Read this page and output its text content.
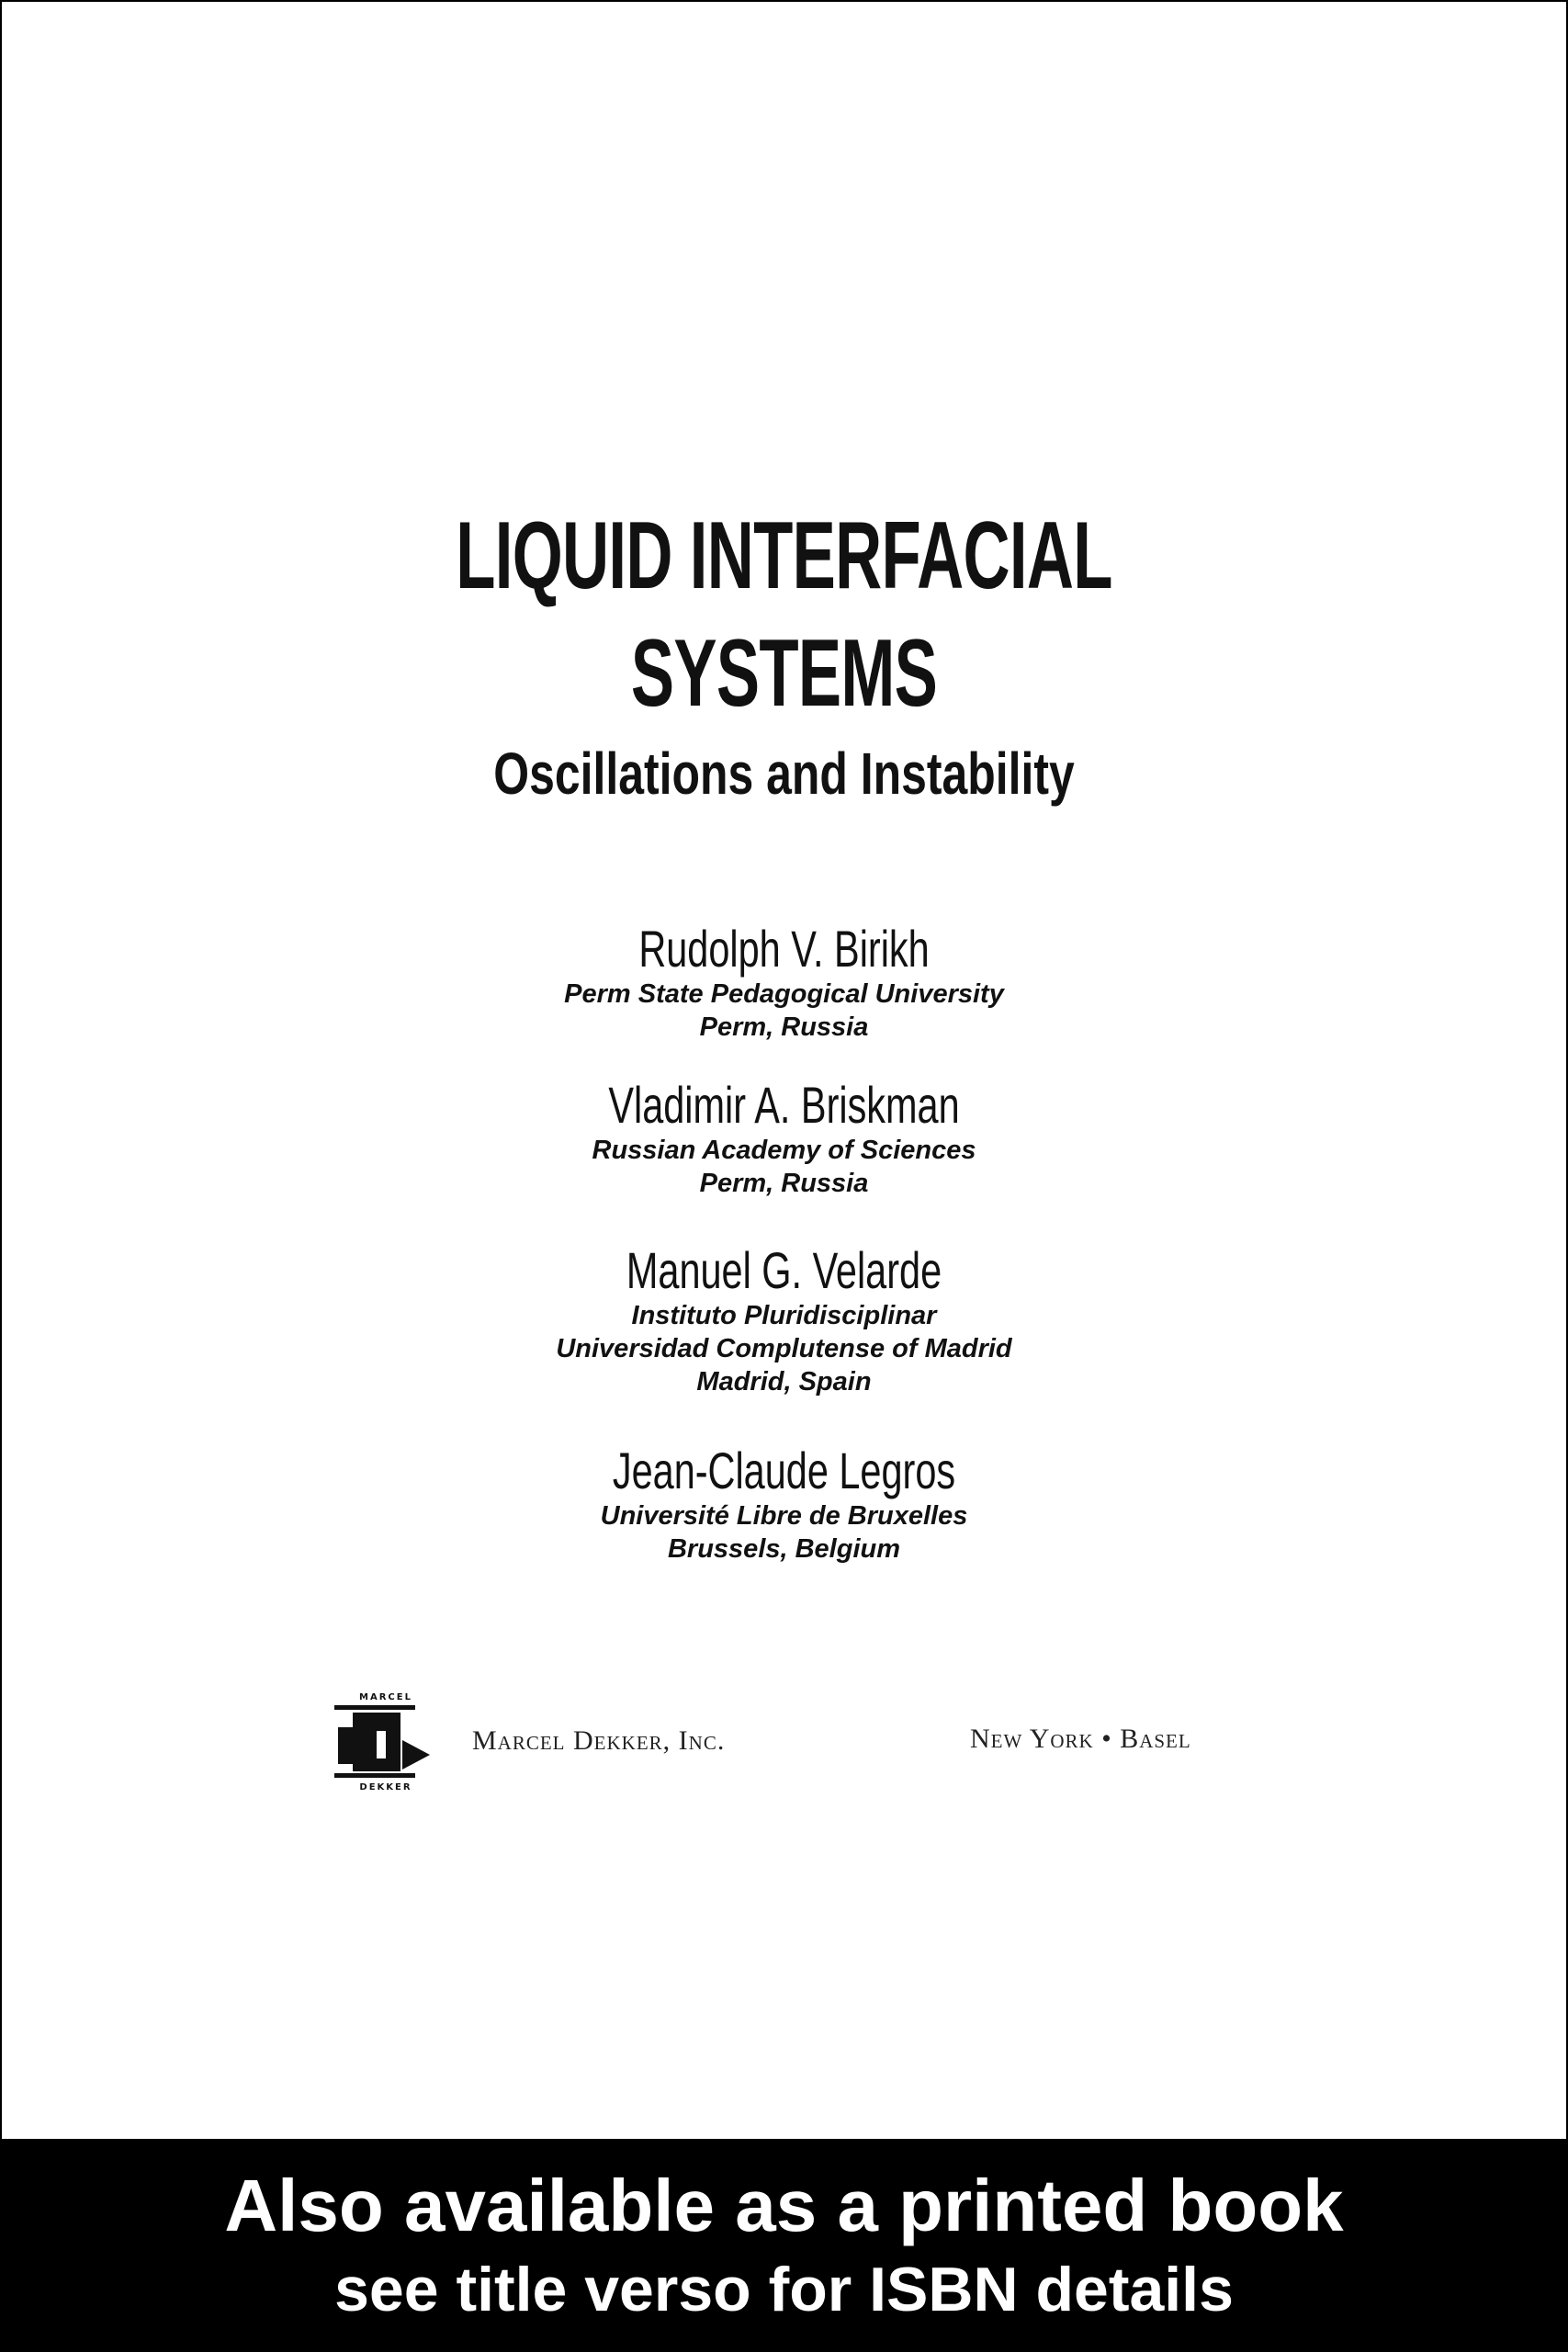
LIQUID INTERFACIAL
SYSTEMS
Oscillations and Instability
Rudolph V. Birikh
Perm State Pedagogical University
Perm, Russia
Vladimir A. Briskman
Russian Academy of Sciences
Perm, Russia
Manuel G. Velarde
Instituto Pluridisciplinar
Universidad Complutense of Madrid
Madrid, Spain
Jean-Claude Legros
Université Libre de Bruxelles
Brussels, Belgium
MARCEL
DEKKER
Marcel Dekker, Inc.	New York • Basel
Also available as a printed book
see title verso for ISBN details
